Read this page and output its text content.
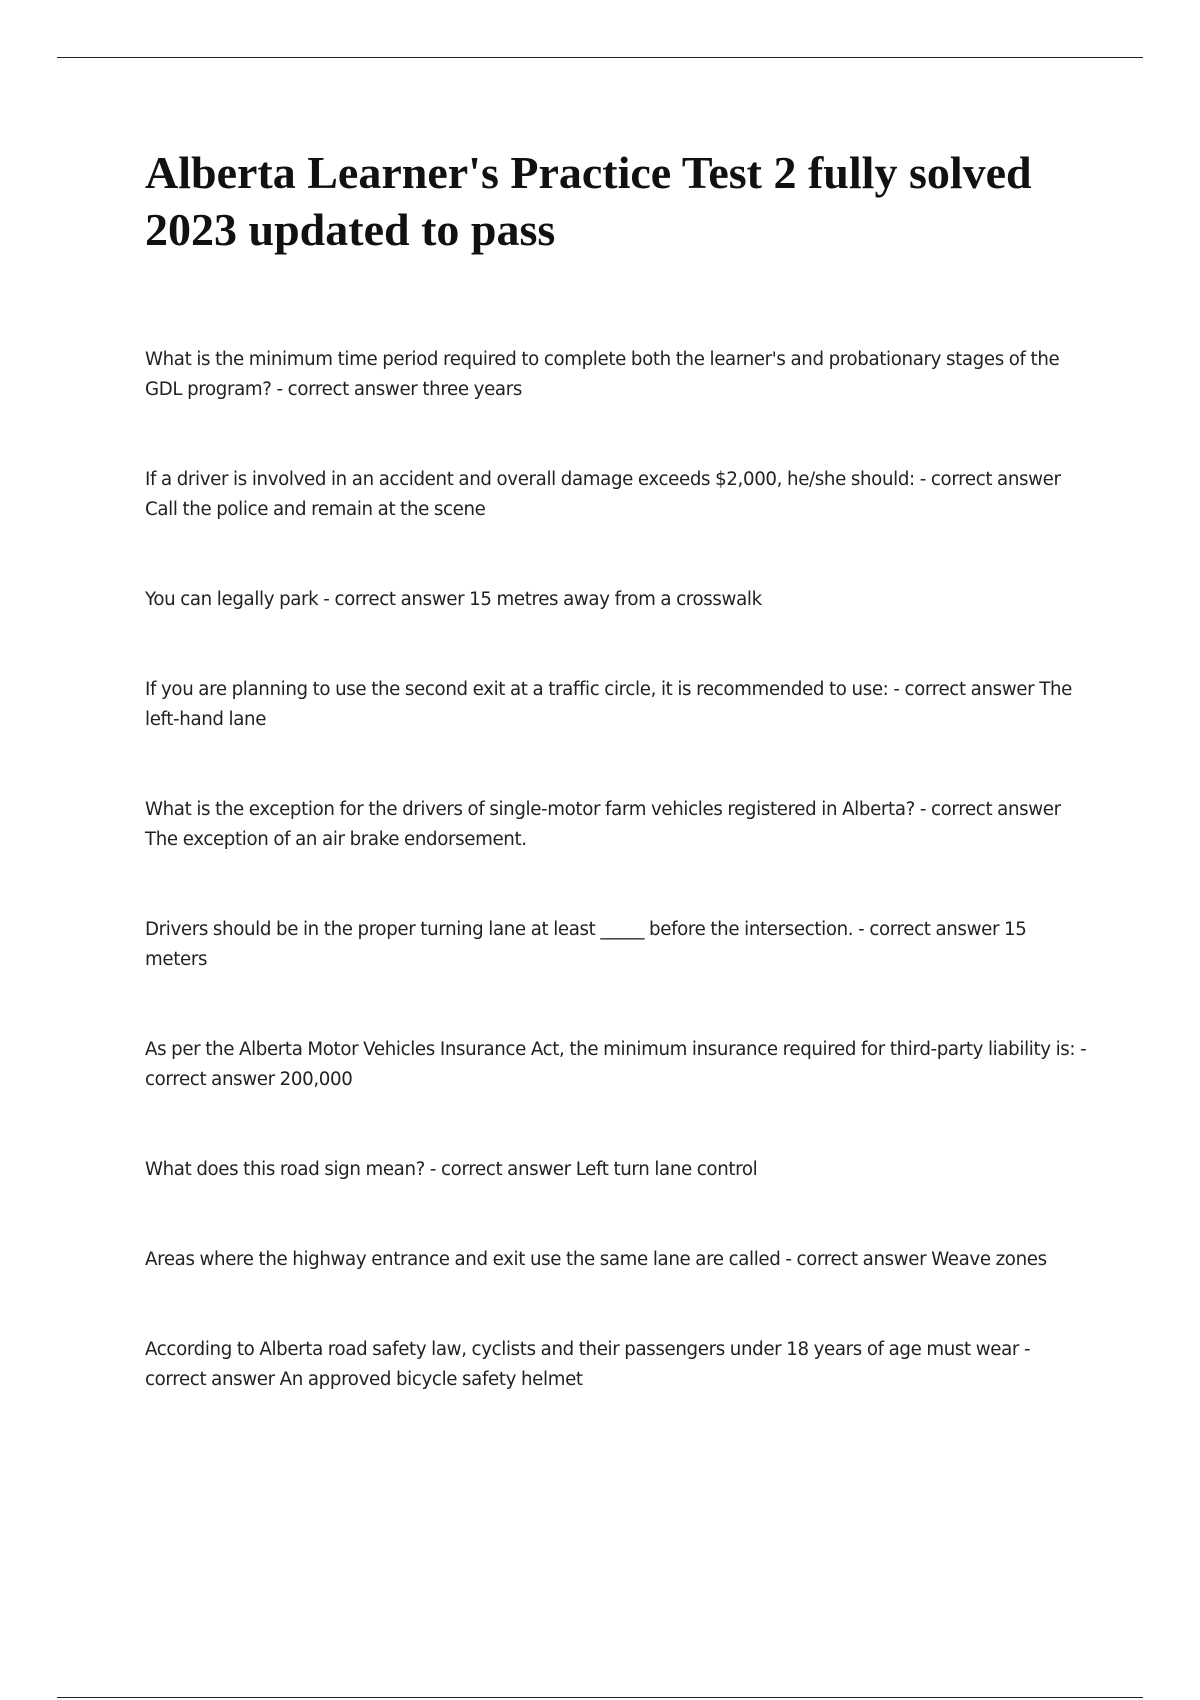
Alberta Learner's Practice Test 2 fully solved 2023 updated to pass
What is the minimum time period required to complete both the learner's and probationary stages of the GDL program? - correct answer three years
If a driver is involved in an accident and overall damage exceeds $2,000, he/she should: - correct answer Call the police and remain at the scene
You can legally park - correct answer 15 metres away from a crosswalk
If you are planning to use the second exit at a traffic circle, it is recommended to use: - correct answer The left-hand lane
What is the exception for the drivers of single-motor farm vehicles registered in Alberta? - correct answer The exception of an air brake endorsement.
Drivers should be in the proper turning lane at least _____ before the intersection. - correct answer 15 meters
As per the Alberta Motor Vehicles Insurance Act, the minimum insurance required for third-party liability is: - correct answer 200,000
What does this road sign mean? - correct answer Left turn lane control
Areas where the highway entrance and exit use the same lane are called - correct answer Weave zones
According to Alberta road safety law, cyclists and their passengers under 18 years of age must wear - correct answer An approved bicycle safety helmet
